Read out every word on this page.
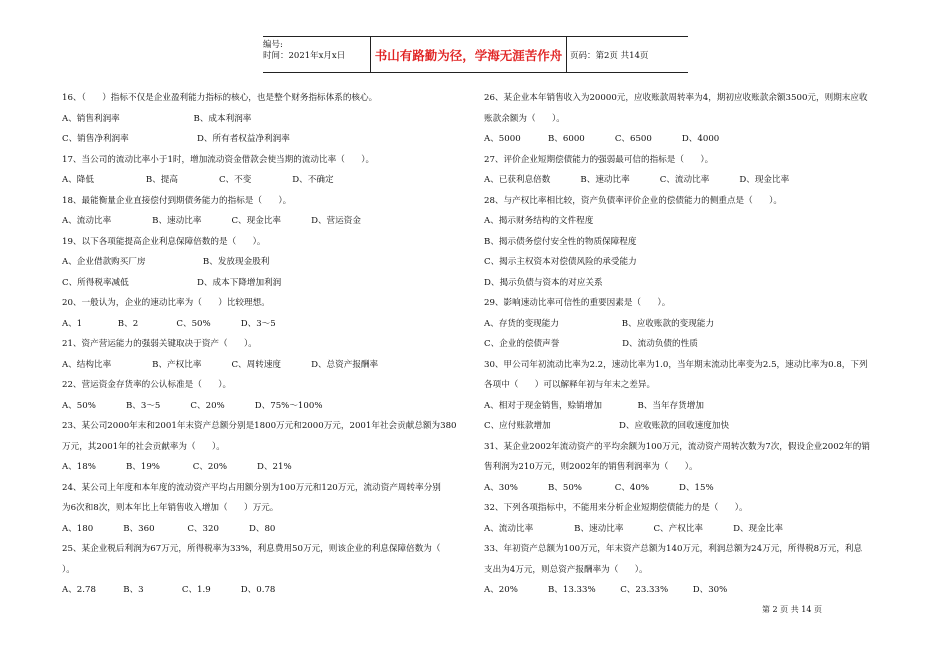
编号:
时间：2021年x月x日	书山有路勤为径，学海无涯苦作舟 页码：第2页 共14页
16、（      ）指标不仅是企业盈利能力指标的核心，也是整个财务指标体系的核心。
A、销售利润率                           B、成本利润率
C、销售净利润率                         D、所有者权益净利润率
17、当公司的流动比率小于1时，增加流动资金借款会使当期的流动比率（      ）。
A、降低                   B、提高               C、不变               D、不确定
18、最能衡量企业直接偿付到期债务能力的指标是（      ）。
A、流动比率               B、速动比率           C、现金比率           D、营运资金
19、以下各项能提高企业利息保障倍数的是（      ）。
A、企业借款购买厂房                     B、发放现金股利
C、所得税率减低                         D、成本下降增加利润
20、一般认为，企业的速动比率为（      ）比较理想。
A、1             B、2              C、50%           D、3～5
21、资产营运能力的强弱关键取决于资产（      ）。
A、结构比率               B、产权比率           C、周转速度           D、总资产报酬率
22、营运资金存货率的公认标准是（      ）。
A、50%           B、3～5           C、20%           D、75%～100%
23、某公司2000年末和2001年末资产总额分别是1800万元和2000万元，2001年社会贡献总额为380
万元，其2001年的社会贡献率为（      ）。
A、18%           B、19%            C、20%           D、21%
24、某公司上年度和本年度的流动资产平均占用额分别为100万元和120万元，流动资产周转率分别
为6次和8次，则本年比上年销售收入增加（      ）万元。
A、180           B、360            C、320           D、80
25、某企业税后利润为67万元，所得税率为33%，利息费用50万元，则该企业的利息保障倍数为（
）。
A、2.78          B、3              C、1.9           D、0.78
26、某企业本年销售收入为20000元，应收账款周转率为4，期初应收账款余额3500元，则期末应收
账款余额为（      ）。
A、5000          B、6000           C、6500           D、4000
27、评价企业短期偿债能力的强弱最可信的指标是（      ）。
A、已获利息倍数           B、速动比率           C、流动比率           D、现金比率
28、与产权比率相比较，资产负债率评价企业的偿债能力的侧重点是（      ）。
A、揭示财务结构的文件程度
B、揭示债务偿付安全性的物质保障程度
C、揭示主权资本对偿债风险的承受能力
D、揭示负债与资本的对应关系
29、影响速动比率可信性的重要因素是（      ）。
A、存货的变现能力                       B、应收账款的变现能力
C、企业的偿债声誉                       D、流动负债的性质
30、甲公司年初流动比率为2.2，速动比率为1.0，当年期末流动比率变为2.5，速动比率为0.8，下列
各项中（      ）可以解释年初与年末之差异。
A、相对于现金销售，赊销增加             B、当年存货增加
C、应付账款增加                         D、应收账款的回收速度加快
31、某企业2002年流动资产的平均余额为100万元，流动资产周转次数为7次，假设企业2002年的销
售利润为210万元，则2002年的销售利润率为（      ）。
A、30%           B、50%            C、40%           D、15%
32、下列各项指标中，不能用来分析企业短期偿债能力的是（      ）。
A、流动比率               B、速动比率           C、产权比率           D、现金比率
33、年初资产总额为100万元，年末资产总额为140万元，利润总额为24万元，所得税8万元，利息
支出为4万元，则总资产报酬率为（      ）。
A、20%           B、13.33%         C、23.33%         D、30%
第 2 页 共 14 页
